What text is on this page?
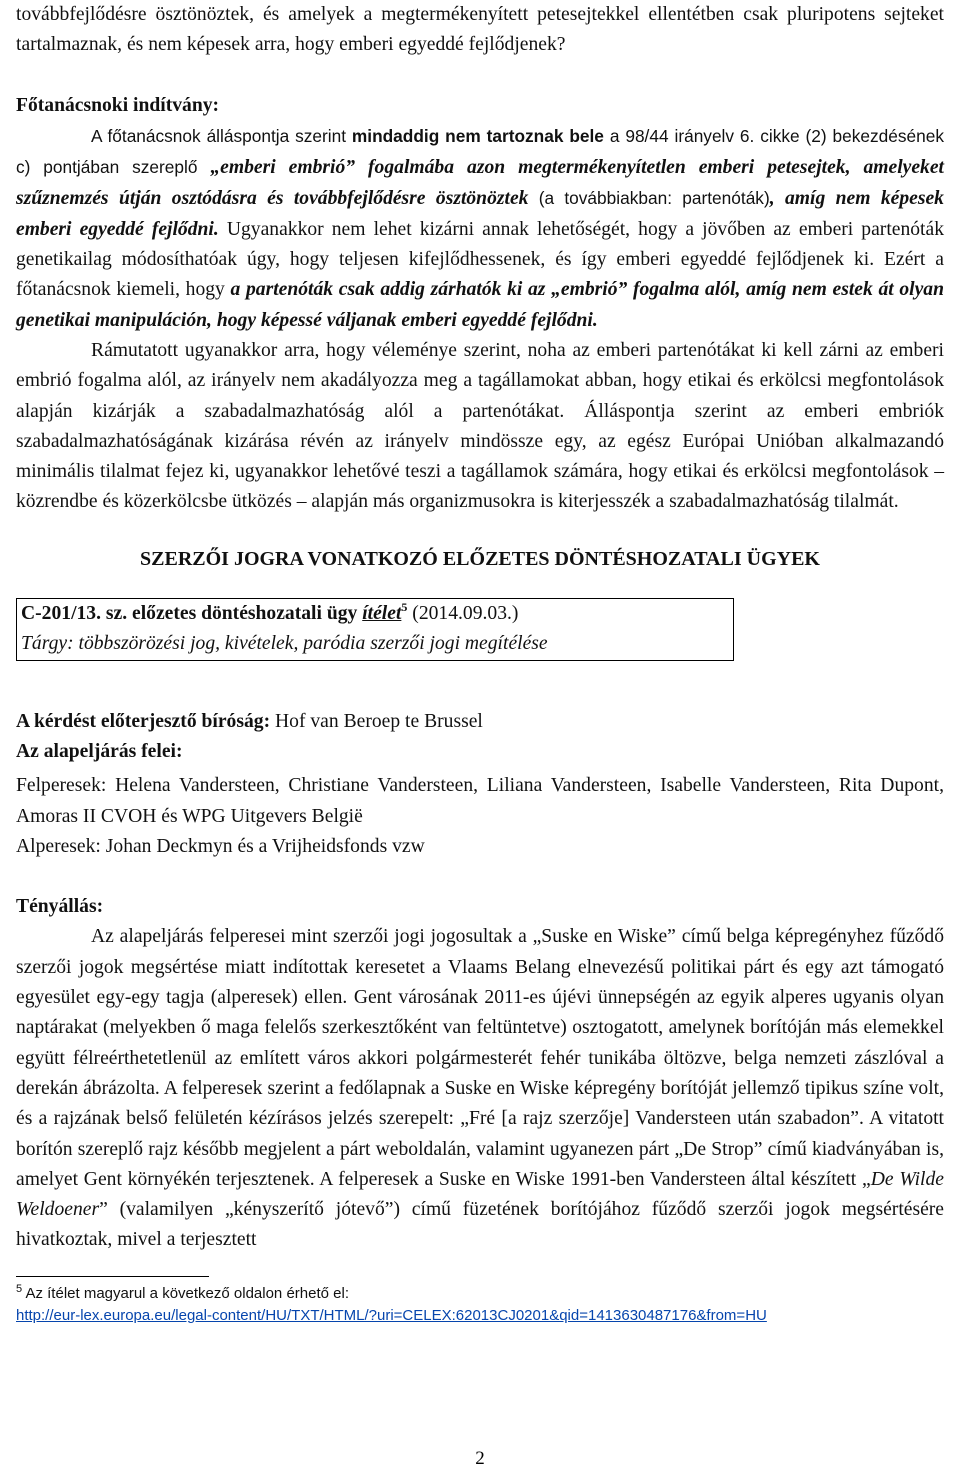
továbbfejlődésre ösztönöztek, és amelyek a megtermékenyített petesejtekkel ellentétben csak pluripotens sejteket tartalmaznak, és nem képesek arra, hogy emberi egyeddé fejlődjenek?

Főtanácsnoki indítvány:

A főtanácsnok álláspontja szerint mindaddig nem tartoznak bele a 98/44 irányelv 6. cikke (2) bekezdésének c) pontjában szereplő „emberi embrió” fogalmába azon megtermékenyítetlen emberi petesejtek, amelyeket szűznemzés útján osztódásra és továbbfejlődésre ösztönöztek (a továbbiakban: partenóták), amíg nem képesek emberi egyeddé fejlődni. Ugyanakkor nem lehet kizárni annak lehetőségét, hogy a jövőben az emberi partenóták genetikailag módosíthatóak úgy, hogy teljesen kifejlődhessenek, és így emberi egyeddé fejlődjenek ki. Ezért a főtanácsnok kiemeli, hogy a partenóták csak addig zárhatók ki az „embrió” fogalma alól, amíg nem estek át olyan genetikai manipuláción, hogy képessé váljanak emberi egyeddé fejlődni.

Rámutatott ugyanakkor arra, hogy véleménye szerint, noha az emberi partenótákat ki kell zárni az emberi embrió fogalma alól, az irányelv nem akadályozza meg a tagállamokat abban, hogy etikai és erkölcsi megfontolások alapján kizárják a szabadalmazhatóság alól a partenótákat. Álláspontja szerint az emberi embriók szabadalmazhatóságának kizárása révén az irányelv mindössze egy, az egész Európai Unióban alkalmazandó minimális tilalmat fejez ki, ugyanakkor lehetővé teszi a tagállamok számára, hogy etikai és erkölcsi megfontolások – közrendbe és közerkölcsbe ütközés – alapján más organizmusokra is kiterjesszék a szabadalmazhatóság tilalmát.

SZERZŐI JOGRA VONATKOZÓ ELŐZETES DÖNTÉSHOZATALI ÜGYEK

C-201/13. sz. előzetes döntéshozatali ügy ítélet$^5$ (2014.09.03.)
Tárgy: többszörözési jog, kivételek, paródia szerzői jogi megítélése

A kérdést előterjesztő bíróság: Hof van Beroep te Brussel

Az alapeljárás felei:

Felperesek: Helena Vandersteen, Christiane Vandersteen, Liliana Vandersteen, Isabelle Vandersteen, Rita Dupont, Amoras II CVOH és WPG Uitgevers België

Alperesek: Johan Deckmyn és a Vrijheidsfonds vzw

Tényállás:

Az alapeljárás felperesei mint szerzői jogi jogosultak a „Suske en Wiske” című belga képregényhez fűződő szerzői jogok megsértése miatt indítottak keresetet a Vlaams Belang elnevezésű politikai párt és egy azt támogató egyesület egy-egy tagja (alperesek) ellen. Gent városának 2011-es újévi ünnepségén az egyik alperes ugyanis olyan naptárakat (melyekben ő maga felelős szerkesztőként van feltüntetve) osztogatott, amelynek borítóján más elemekkel együtt félreérthetetlenül az említett város akkori polgármesterét fehér tunikába öltözve, belga nemzeti zászlóval a derekán ábrázolta. A felperesek szerint a fedőlapnak a Suske en Wiske képregény borítóját jellemző tipikus színe volt, és a rajzának belső felületén kézírásos jelzés szerepelt: „Fré [a rajz szerzője] Vandersteen után szabadon”. A vitatott borítón szereplő rajz később megjelent a párt weboldalán, valamint ugyanezen párt „De Strop” című kiadványában is, amelyet Gent környékén terjesztenek. A felperesek a Suske en Wiske 1991-ben Vandersteen által készített „De Wilde Weldoener” (valamilyen „kényszerítő jótevő”) című füzetének borítójához fűződő szerzői jogok megsértésére hivatkoztak, mivel a terjesztett

$^5$ Az ítélet magyarul a következő oldalon érhető el:
http://eur-lex.europa.eu/legal-content/HU/TXT/HTML/?uri=CELEX:62013CJ0201&qid=1413630487176&from=HU
2
